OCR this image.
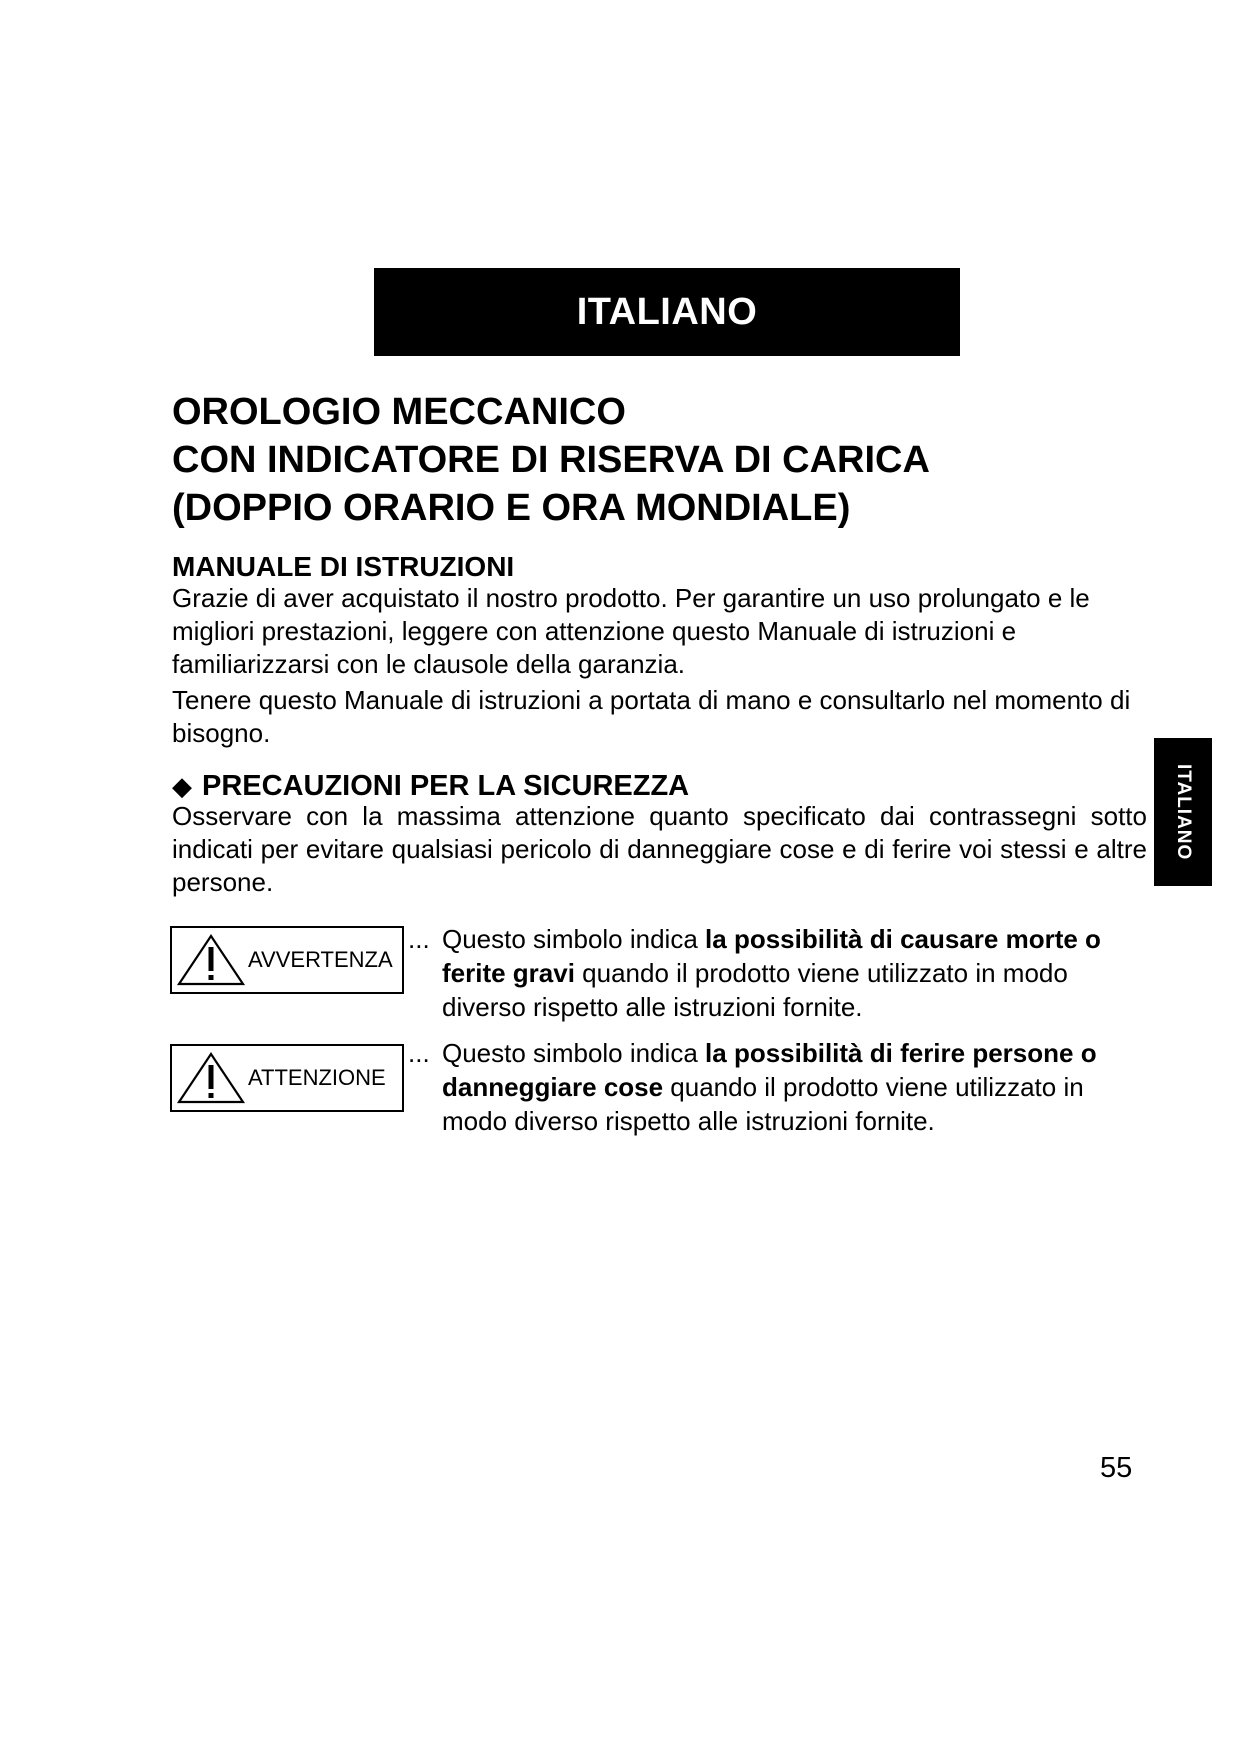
ITALIANO
ITALIANO
OROLOGIO MECCANICO
CON INDICATORE DI RISERVA DI CARICA
(DOPPIO ORARIO E ORA MONDIALE)
MANUALE DI ISTRUZIONI

Grazie di aver acquistato il nostro prodotto. Per garantire un uso prolungato e le migliori prestazioni, leggere con attenzione questo Manuale di istruzioni e familiarizzarsi con le clausole della garanzia.

Tenere questo Manuale di istruzioni a portata di mano e consultarlo nel momento di bisogno.

◆ PRECAUZIONI PER LA SICUREZZA

Osservare con la massima attenzione quanto specificato dai contrassegni sotto indicati per evitare qualsiasi pericolo di danneggiare cose e di ferire voi stessi e altre persone.

AVVERTENZA

... Questo simbolo indica la possibilità di causare morte o ferite gravi quando il prodotto viene utilizzato in modo diverso rispetto alle istruzioni fornite.

ATTENZIONE

... Questo simbolo indica la possibilità di ferire persone o danneggiare cose quando il prodotto viene utilizzato in modo diverso rispetto alle istruzioni fornite.

55
